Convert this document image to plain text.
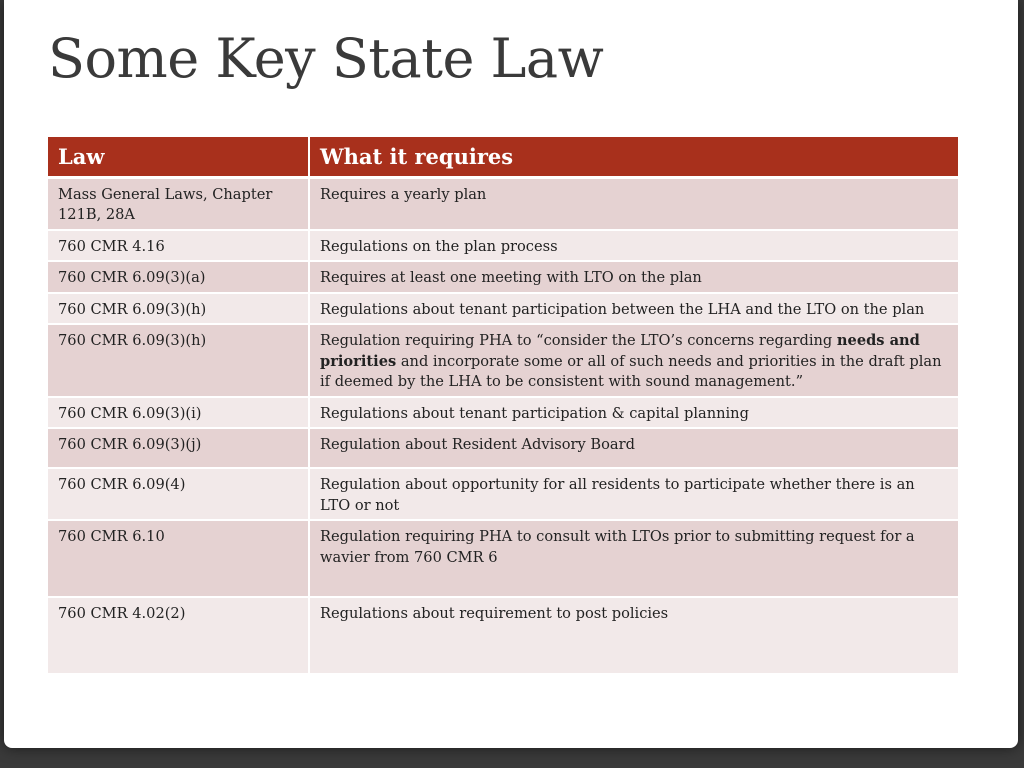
Some Key State Law
Law	What it requires
Mass General Laws, Chapter 121B, 28A	Requires a yearly plan
760 CMR 4.16	Regulations on the plan process
760 CMR 6.09(3)(a)	Requires at least one meeting with LTO on the plan
760 CMR 6.09(3)(h)	Regulations about tenant participation between the LHA and the LTO on the plan
760 CMR 6.09(3)(h)	Regulation requiring PHA to “consider the LTO’s concerns regarding needs and priorities and incorporate some or all of such needs and priorities in the draft plan if deemed by the LHA to be consistent with sound management.”
760 CMR 6.09(3)(i)	Regulations about tenant participation & capital planning
760 CMR 6.09(3)(j)	Regulation about Resident Advisory Board
760 CMR 6.09(4)	Regulation about opportunity for all residents to participate whether there is an LTO or not
760 CMR 6.10	Regulation requiring PHA to consult with LTOs prior to submitting request for a wavier from 760 CMR 6
760 CMR 4.02(2)	Regulations about requirement to post policies
